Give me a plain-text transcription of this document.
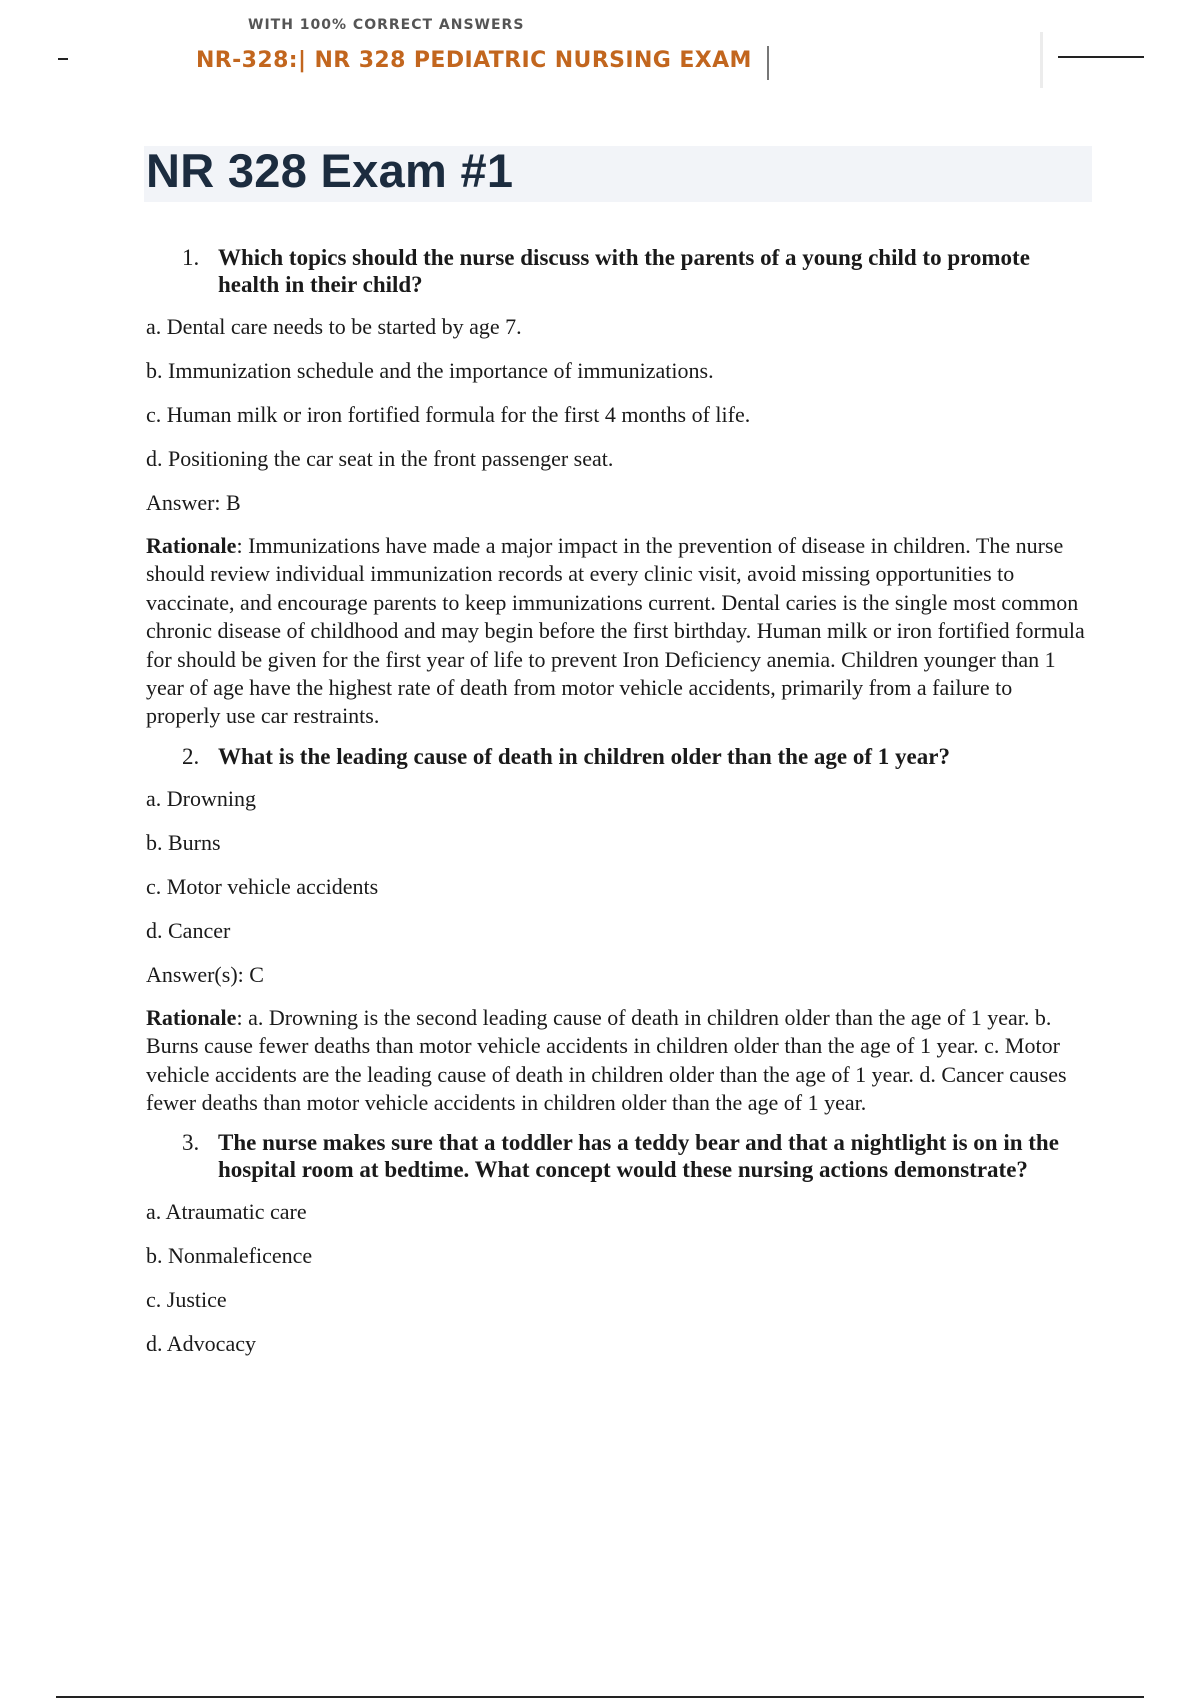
WITH 100% CORRECT ANSWERS
NR-328:| NR 328 PEDIATRIC NURSING EXAM
NR 328 Exam #1
1. Which topics should the nurse discuss with the parents of a young child to promote health in their child?
a. Dental care needs to be started by age 7.
b. Immunization schedule and the importance of immunizations.
c. Human milk or iron fortified formula for the first 4 months of life.
d. Positioning the car seat in the front passenger seat.
Answer: B
Rationale: Immunizations have made a major impact in the prevention of disease in children. The nurse should review individual immunization records at every clinic visit, avoid missing opportunities to vaccinate, and encourage parents to keep immunizations current. Dental caries is the single most common chronic disease of childhood and may begin before the first birthday. Human milk or iron fortified formula for should be given for the first year of life to prevent Iron Deficiency anemia. Children younger than 1 year of age have the highest rate of death from motor vehicle accidents, primarily from a failure to properly use car restraints.
2. What is the leading cause of death in children older than the age of 1 year?
a. Drowning
b. Burns
c. Motor vehicle accidents
d. Cancer
Answer(s): C
Rationale: a. Drowning is the second leading cause of death in children older than the age of 1 year. b. Burns cause fewer deaths than motor vehicle accidents in children older than the age of 1 year. c. Motor vehicle accidents are the leading cause of death in children older than the age of 1 year. d. Cancer causes fewer deaths than motor vehicle accidents in children older than the age of 1 year.
3. The nurse makes sure that a toddler has a teddy bear and that a nightlight is on in the hospital room at bedtime. What concept would these nursing actions demonstrate?
a. Atraumatic care
b. Nonmaleficence
c. Justice
d. Advocacy
